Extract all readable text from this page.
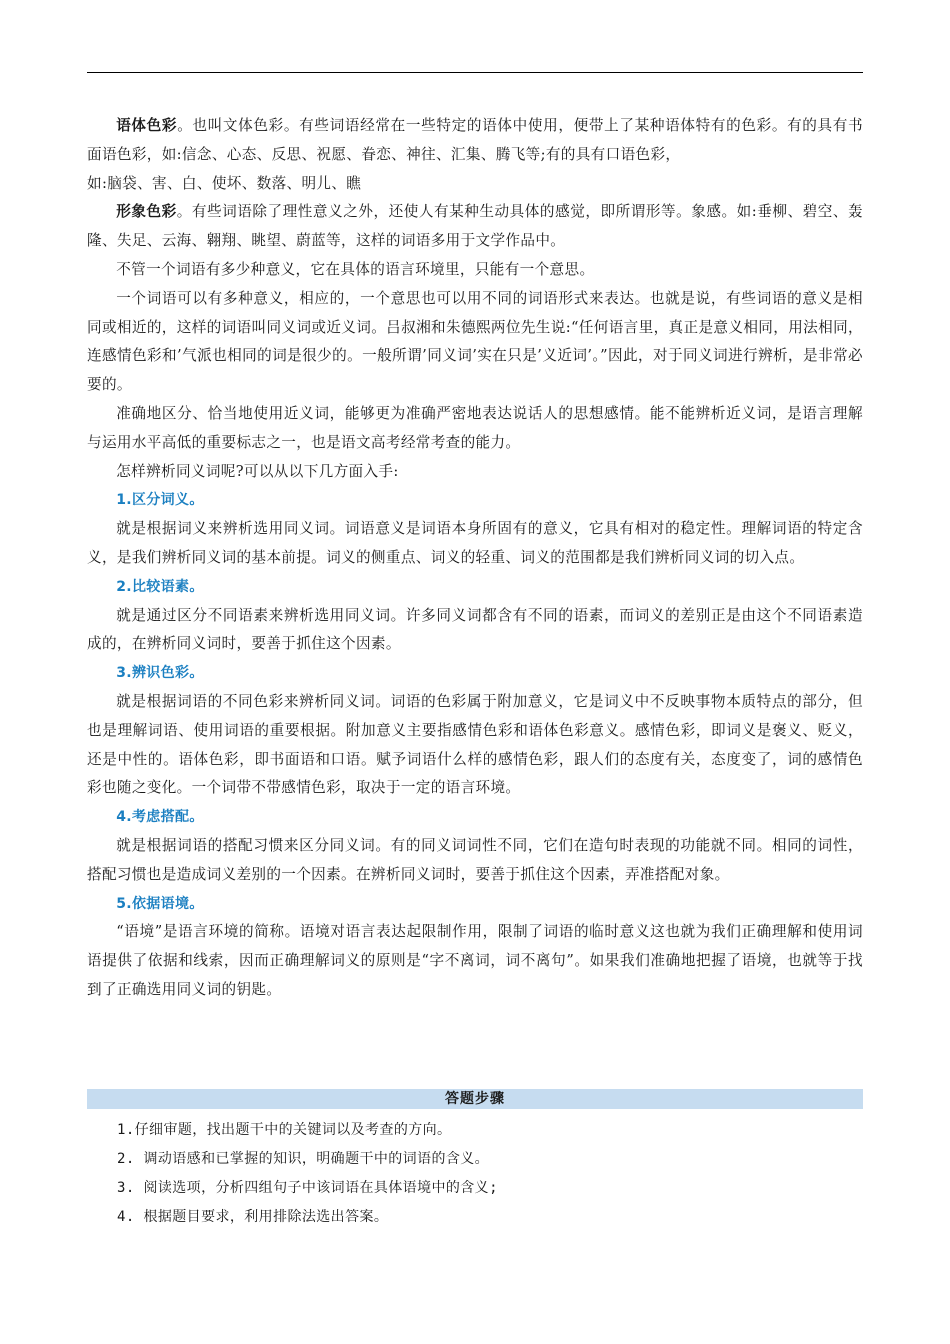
语体色彩。也叫文体色彩。有些词语经常在一些特定的语体中使用，便带上了某种语体特有的色彩。有的具有书面语色彩，如:信念、心态、反思、祝愿、眷恋、神往、汇集、腾飞等;有的具有口语色彩，

如:脑袋、害、白、使坏、数落、明儿、瞧

形象色彩。有些词语除了理性意义之外，还使人有某种生动具体的感觉，即所谓形等。象感。如:垂柳、碧空、轰隆、失足、云海、翱翔、眺望、蔚蓝等，这样的词语多用于文学作品中。

不管一个词语有多少种意义，它在具体的语言环境里，只能有一个意思。

一个词语可以有多种意义，相应的，一个意思也可以用不同的词语形式来表达。也就是说，有些词语的意义是相同或相近的，这样的词语叫同义词或近义词。吕叔湘和朱德熙两位先生说:“任何语言里，真正是意义相同，用法相同，连感情色彩和’气派也相同的词是很少的。一般所谓’同义词’实在只是’义近词’。”因此，对于同义词进行辨析，是非常必要的。

准确地区分、恰当地使用近义词，能够更为准确严密地表达说话人的思想感情。能不能辨析近义词，是语言理解与运用水平高低的重要标志之一，也是语文高考经常考查的能力。

怎样辨析同义词呢?可以从以下几方面入手:

1.区分词义。

就是根据词义来辨析选用同义词。词语意义是词语本身所固有的意义，它具有相对的稳定性。理解词语的特定含义，是我们辨析同义词的基本前提。词义的侧重点、词义的轻重、词义的范围都是我们辨析同义词的切入点。

2.比较语素。

就是通过区分不同语素来辨析选用同义词。许多同义词都含有不同的语素，而词义的差别正是由这个不同语素造成的，在辨析同义词时，要善于抓住这个因素。

3.辨识色彩。

就是根据词语的不同色彩来辨析同义词。词语的色彩属于附加意义，它是词义中不反映事物本质特点的部分，但也是理解词语、使用词语的重要根据。附加意义主要指感情色彩和语体色彩意义。感情色彩，即词义是褒义、贬义，还是中性的。语体色彩，即书面语和口语。赋予词语什么样的感情色彩，跟人们的态度有关，态度变了，词的感情色彩也随之变化。一个词带不带感情色彩，取决于一定的语言环境。

4.考虑搭配。

就是根据词语的搭配习惯来区分同义词。有的同义词词性不同，它们在造句时表现的功能就不同。相同的词性，搭配习惯也是造成词义差别的一个因素。在辨析同义词时，要善于抓住这个因素，弄准搭配对象。

5.依据语境。

“语境”是语言环境的简称。语境对语言表达起限制作用，限制了词语的临时意义这也就为我们正确理解和使用词语提供了依据和线索，因而正确理解词义的原则是“字不离词，词不离句”。如果我们准确地把握了语境，也就等于找到了正确选用同义词的钥匙。

答题步骤
1.仔细审题，找出题干中的关键词以及考查的方向。
2. 调动语感和已掌握的知识，明确题干中的词语的含义。
3. 阅读选项，分析四组句子中该词语在具体语境中的含义;
4. 根据题目要求，利用排除法选出答案。
